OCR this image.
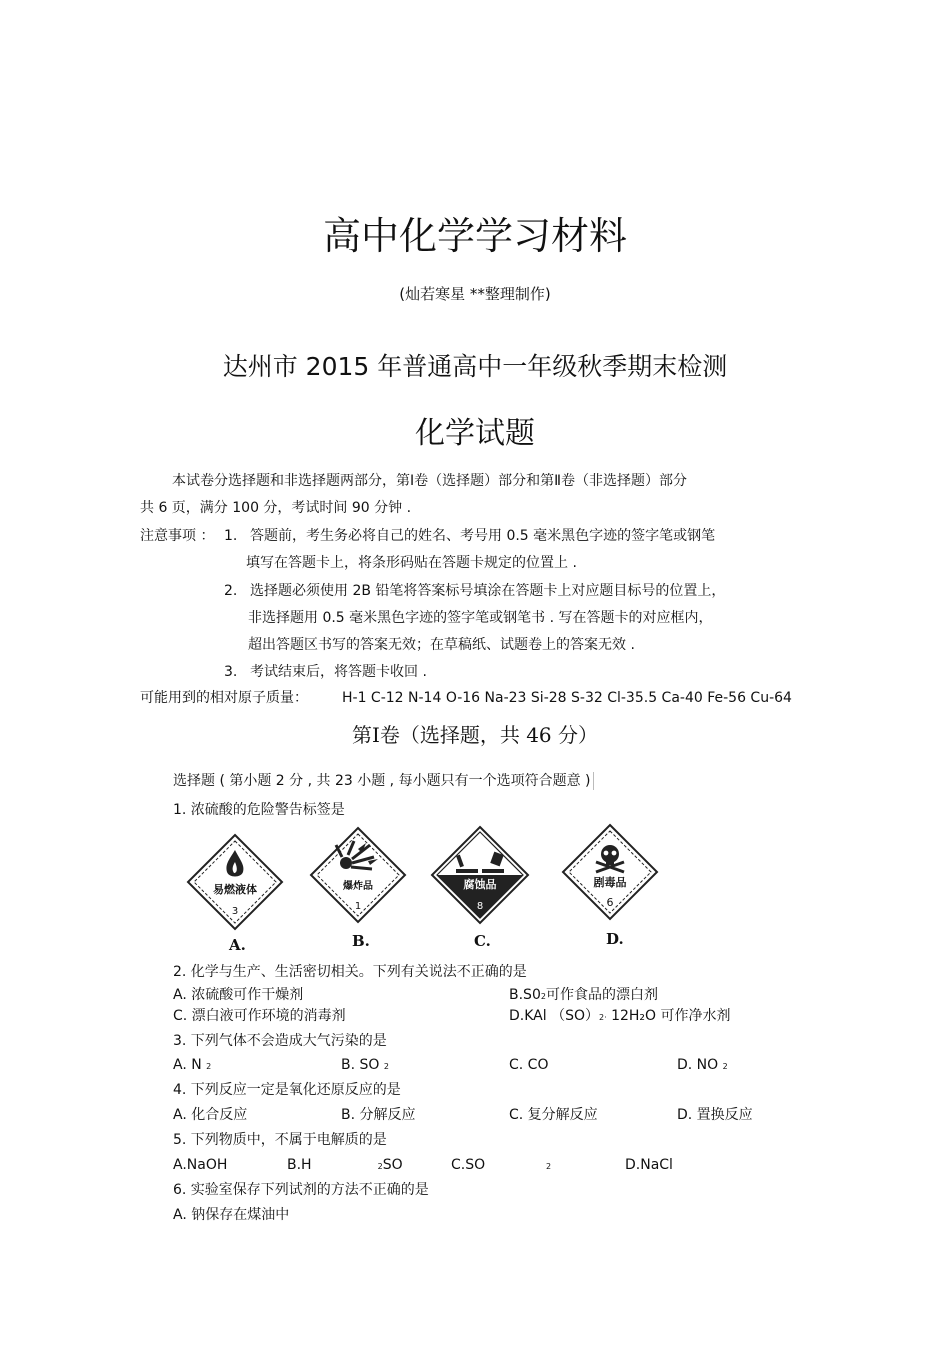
高中化学学习材料
(灿若寒星 **整理制作)
达州市 2015 年普通高中一年级秋季期末检测
化学试题
本试卷分选择题和非选择题两部分，第Ⅰ卷（选择题）部分和第Ⅱ卷（非选择题）部分
共 6 页，满分 100 分，考试时间 90 分钟 .
注意事项 ： 1. 答题前，考生务必将自己的姓名、考号用 0.5 毫米黑色字迹的签字笔或钢笔
填写在答题卡上，将条形码贴在答题卡规定的位置上 .
2. 选择题必须使用 2B 铅笔将答案标号填涂在答题卡上对应题目标号的位置上，
非选择题用 0.5 毫米黑色字迹的签字笔或钢笔书 . 写在答题卡的对应框内，
超出答题区书写的答案无效；在草稿纸、试题卷上的答案无效 .
3. 考试结束后，将答题卡收回 .
可能用到的相对原子质量： H-1 C-12 N-14 O-16 Na-23 Si-28 S-32 Cl-35.5 Ca-40 Fe-56 Cu-64
第Ⅰ卷（选择题，共 46 分）
选择题 ( 第小题 2 分 , 共 23 小题 , 每小题只有一个选项符合题意 )
1. 浓硫酸的危险警告标签是
易燃液体
3
A.
爆炸品
1
B.
腐蚀品
8
C.
剧毒品
6
D.
2. 化学与生产、生活密切相关。下列有关说法不正确的是
A. 浓硫酸可作干燥剂	B.S02可作食品的漂白剂
C. 漂白液可作环境的消毒剂	D.KAl （SO）2· 12H₂O 可作净水剂
3. 下列气体不会造成大气污染的是
A. N 2	B. SO 2	C. CO	D. NO 2
4. 下列反应一定是氧化还原反应的是
A. 化合反应	B. 分解反应	C. 复分解反应	D. 置换反应
5. 下列物质中，不属于电解质的是
A.NaOH	B.H	2SO	C.SO	2	D.NaCl
6. 实验室保存下列试剂的方法不正确的是
A. 钠保存在煤油中
